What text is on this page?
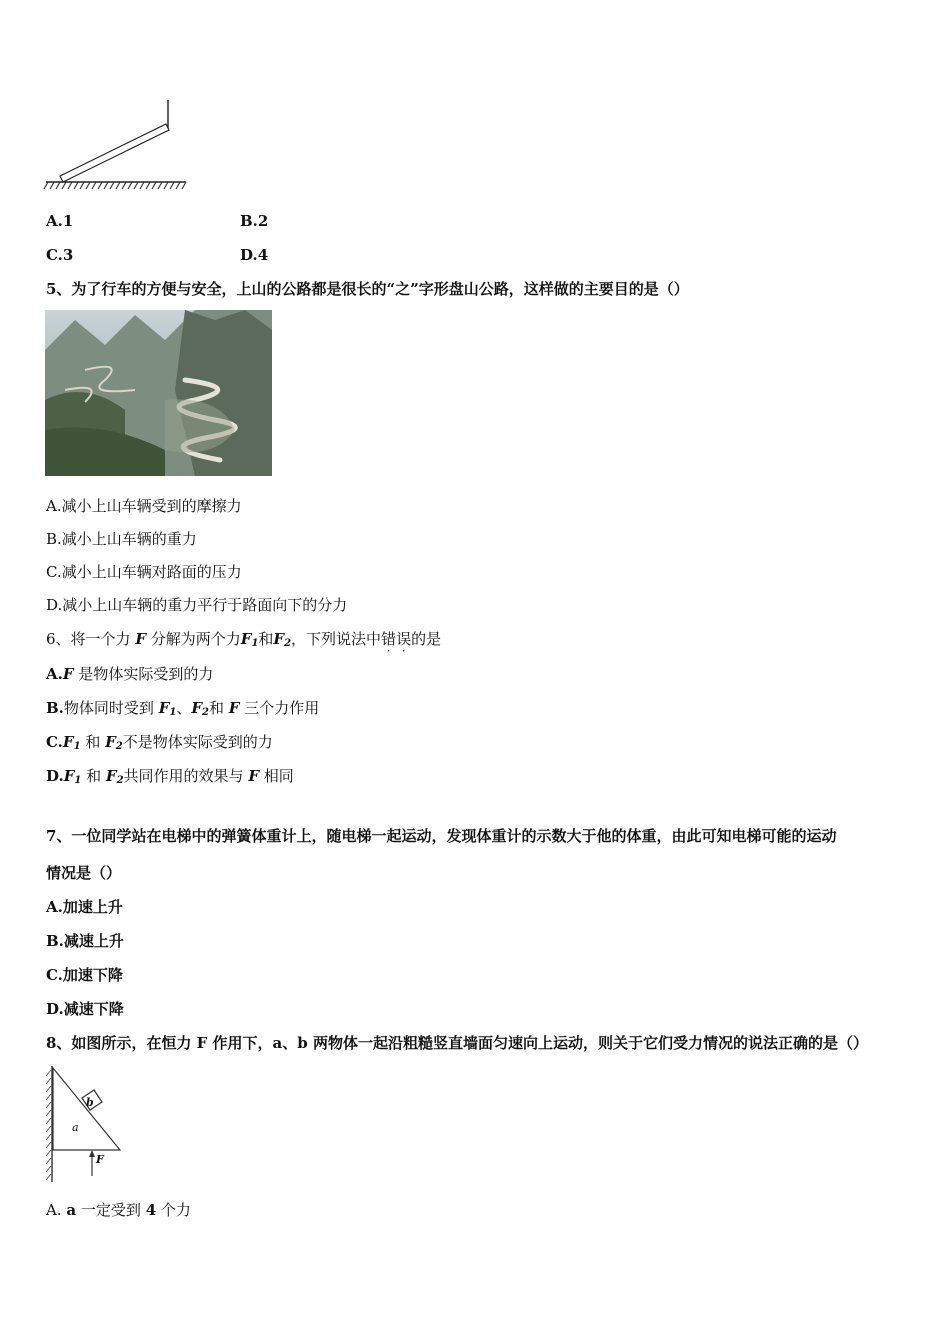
A.1	B.2
C.3	D.4
5、为了行车的方便与安全，上山的公路都是很长的“之”字形盘山公路，这样做的主要目的是（）
A.减小上山车辆受到的摩擦力
B.减小上山车辆的重力
C.减小上山车辆对路面的压力
D.减小上山车辆的重力平行于路面向下的分力
6、将一个力 F 分解为两个力$F_1$和$F_2$，下列说法中错误的是
A.F 是物体实际受到的力
B.物体同时受到 $F_1$、$F_2$和 F 三个力作用
$C.F_1$ 和 $F_2$不是物体实际受到的力
$D.F_1$ 和 $F_2$共同作用的效果与 F 相同
7、一位同学站在电梯中的弹簧体重计上，随电梯一起运动，发现体重计的示数大于他的体重，由此可知电梯可能的运动
情况是（）
A.加速上升
B.减速上升
C.加速下降
D.减速下降
8、如图所示，在恒力 F 作用下，a、b 两物体一起沿粗糙竖直墙面匀速向上运动，则关于它们受力情况的说法正确的是（）
b
a
F
A. a 一定受到 4 个力
